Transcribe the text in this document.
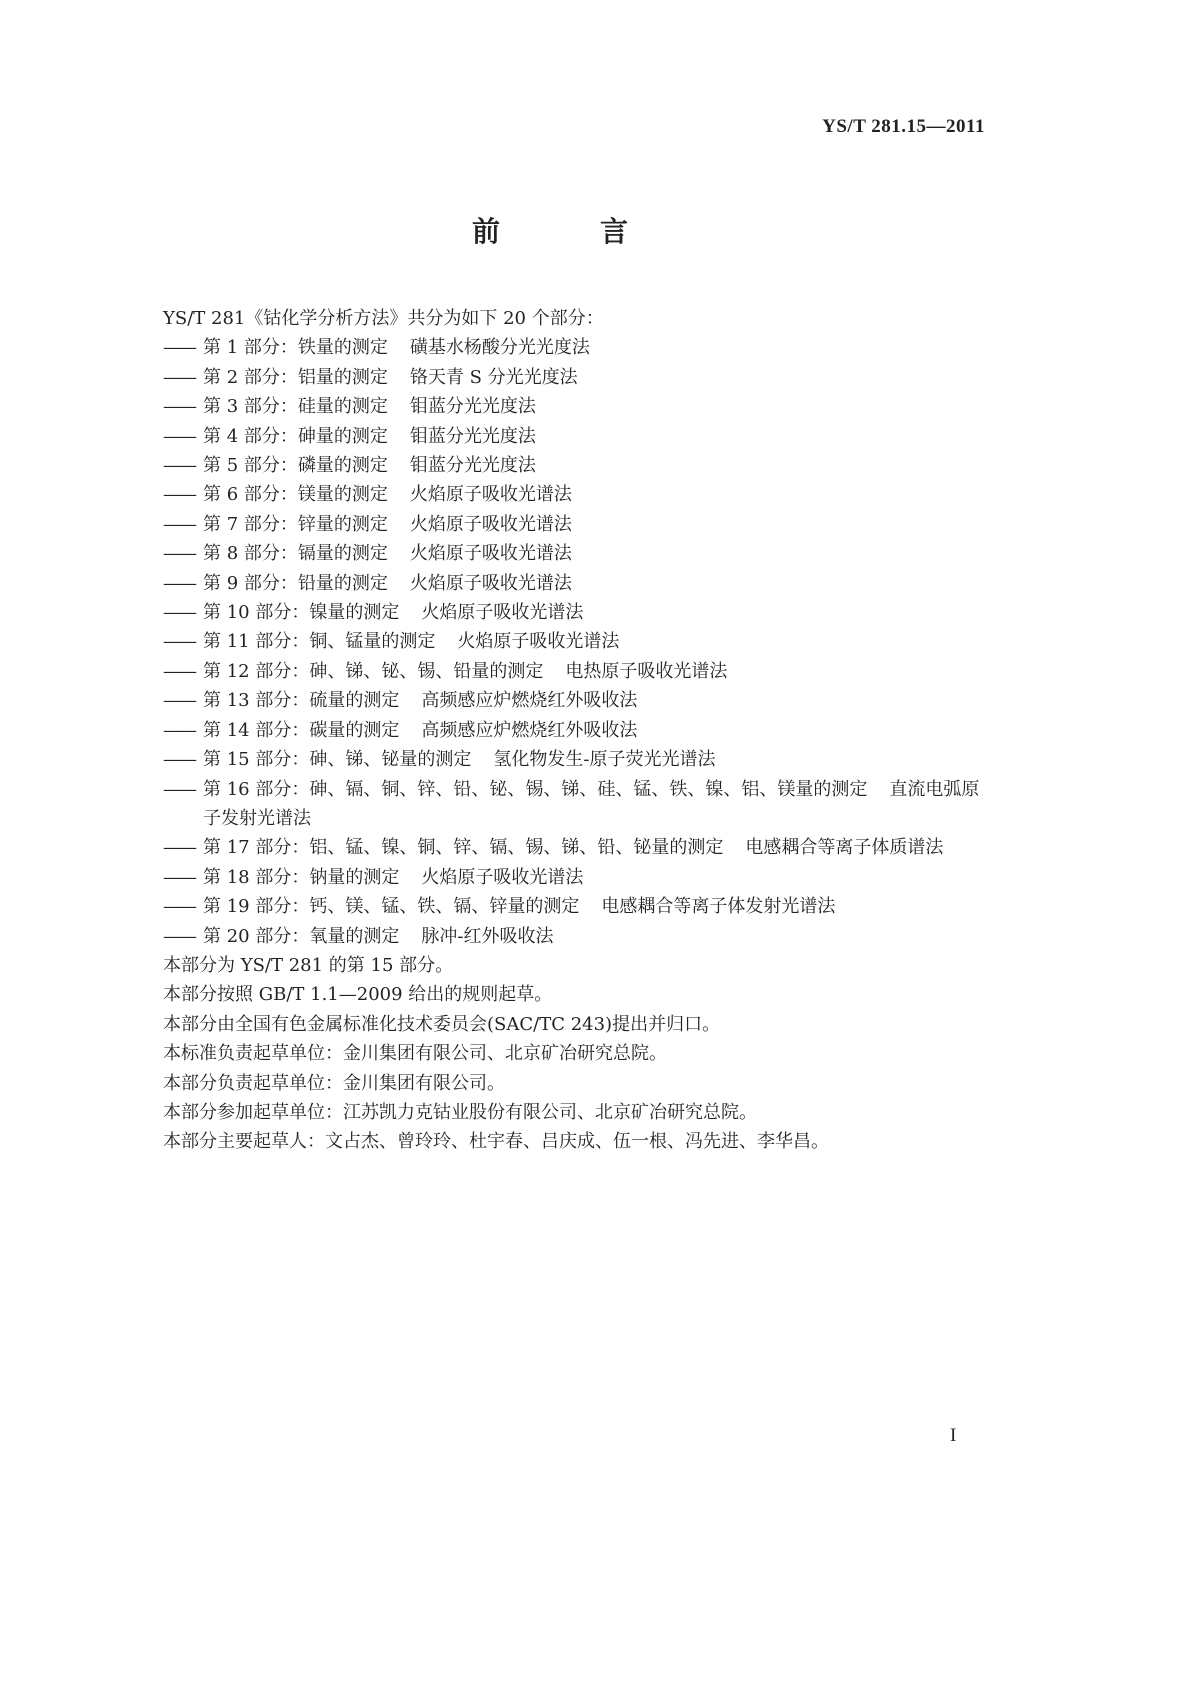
YS/T 281.15—2011
前　言
YS/T 281《钴化学分析方法》共分为如下 20 个部分：
—— 第 1 部分：铁量的测定 磺基水杨酸分光光度法
—— 第 2 部分：铝量的测定 铬天青 S 分光光度法
—— 第 3 部分：硅量的测定 钼蓝分光光度法
—— 第 4 部分：砷量的测定 钼蓝分光光度法
—— 第 5 部分：磷量的测定 钼蓝分光光度法
—— 第 6 部分：镁量的测定 火焰原子吸收光谱法
—— 第 7 部分：锌量的测定 火焰原子吸收光谱法
—— 第 8 部分：镉量的测定 火焰原子吸收光谱法
—— 第 9 部分：铅量的测定 火焰原子吸收光谱法
—— 第 10 部分：镍量的测定 火焰原子吸收光谱法
—— 第 11 部分：铜、锰量的测定 火焰原子吸收光谱法
—— 第 12 部分：砷、锑、铋、锡、铅量的测定 电热原子吸收光谱法
—— 第 13 部分：硫量的测定 高频感应炉燃烧红外吸收法
—— 第 14 部分：碳量的测定 高频感应炉燃烧红外吸收法
—— 第 15 部分：砷、锑、铋量的测定 氢化物发生-原子荧光光谱法
—— 第 16 部分：砷、镉、铜、锌、铅、铋、锡、锑、硅、锰、铁、镍、铝、镁量的测定 直流电弧原子发射光谱法
—— 第 17 部分：铝、锰、镍、铜、锌、镉、锡、锑、铅、铋量的测定 电感耦合等离子体质谱法
—— 第 18 部分：钠量的测定 火焰原子吸收光谱法
—— 第 19 部分：钙、镁、锰、铁、镉、锌量的测定 电感耦合等离子体发射光谱法
—— 第 20 部分：氧量的测定 脉冲-红外吸收法
本部分为 YS/T 281 的第 15 部分。
本部分按照 GB/T 1.1—2009 给出的规则起草。
本部分由全国有色金属标准化技术委员会(SAC/TC 243)提出并归口。
本标准负责起草单位：金川集团有限公司、北京矿冶研究总院。
本部分负责起草单位：金川集团有限公司。
本部分参加起草单位：江苏凯力克钴业股份有限公司、北京矿冶研究总院。
本部分主要起草人：文占杰、曾玲玲、杜宇春、吕庆成、伍一根、冯先进、李华昌。
I
